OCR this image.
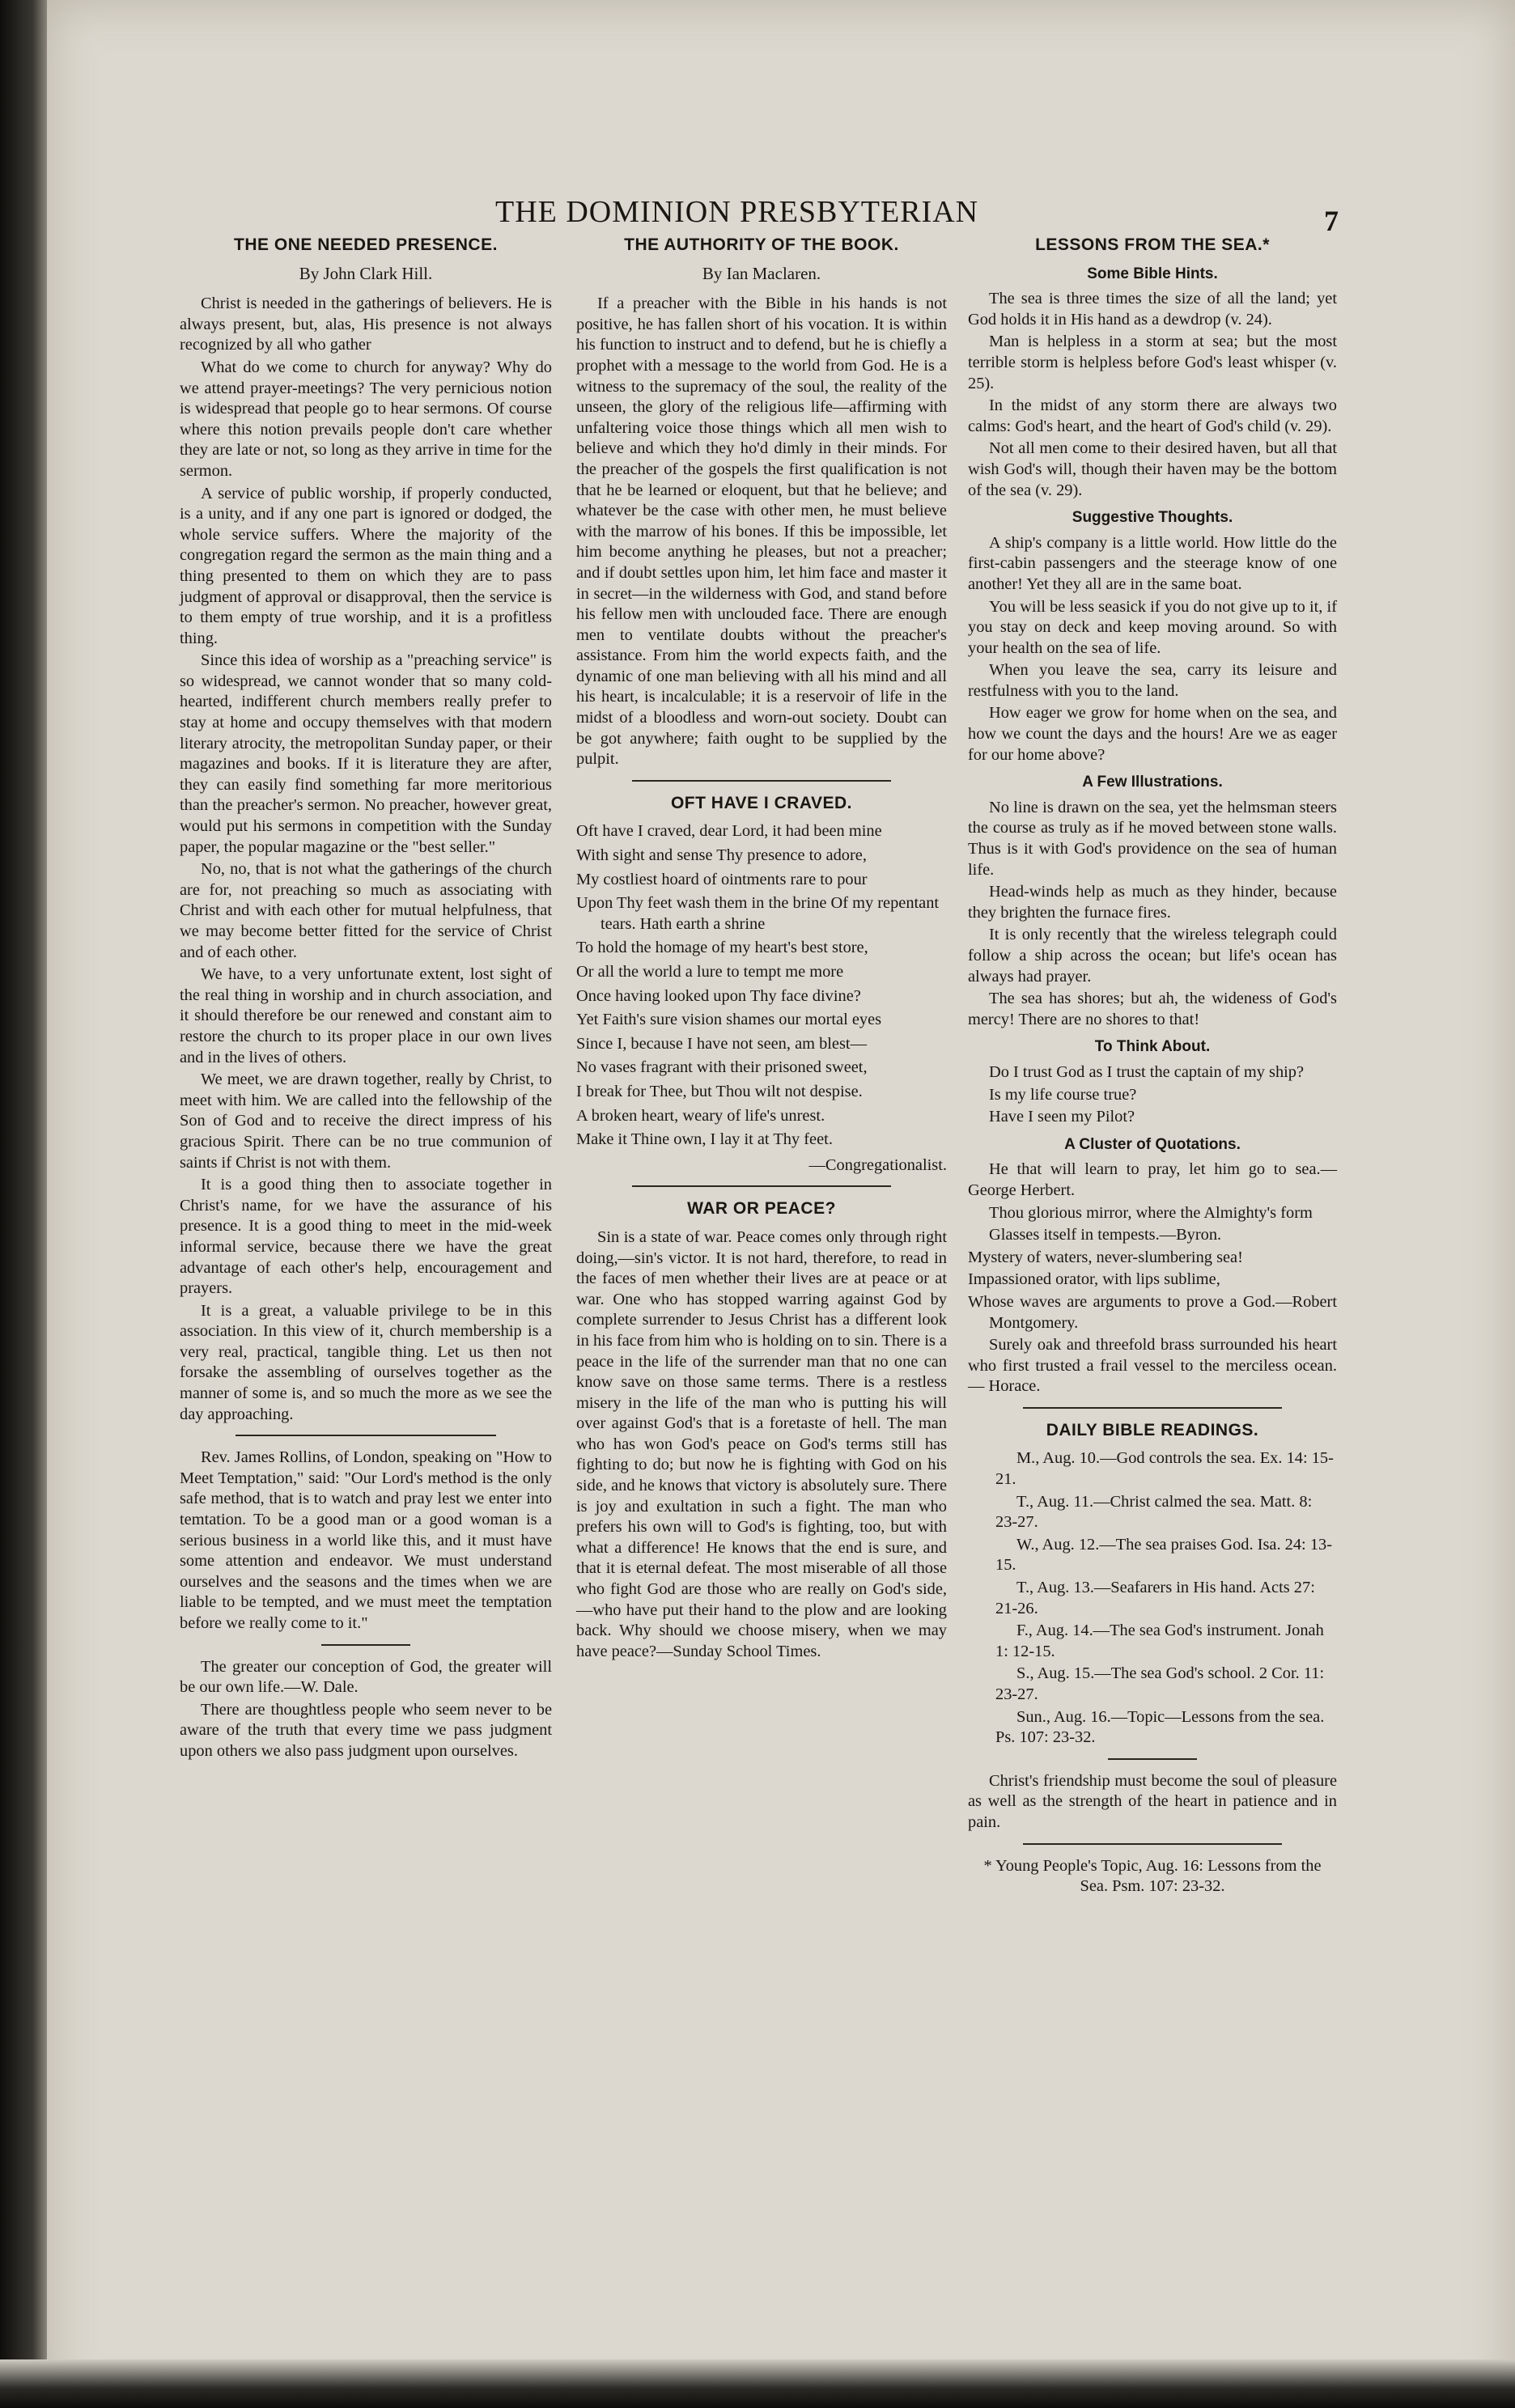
THE DOMINION PRESBYTERIAN	7
THE ONE NEEDED PRESENCE.
By John Clark Hill.

Christ is needed in the gatherings of believers. He is always present, but, alas, His presence is not always recognized by all who gather

What do we come to church for anyway? Why do we attend prayer-meetings? The very pernicious notion is widespread that people go to hear sermons. Of course where this notion prevails people don't care whether they are late or not, so long as they arrive in time for the sermon.

A service of public worship, if properly conducted, is a unity, and if any one part is ignored or dodged, the whole service suffers. Where the majority of the congregation regard the sermon as the main thing and a thing presented to them on which they are to pass judgment of approval or disapproval, then the service is to them empty of true worship, and it is a profitless thing.

Since this idea of worship as a "preaching service" is so widespread, we cannot wonder that so many cold-hearted, indifferent church members really prefer to stay at home and occupy themselves with that modern literary atrocity, the metropolitan Sunday paper, or their magazines and books. If it is literature they are after, they can easily find something far more meritorious than the preacher's sermon. No preacher, however great, would put his sermons in competition with the Sunday paper, the popular magazine or the "best seller."

No, no, that is not what the gatherings of the church are for, not preaching so much as associating with Christ and with each other for mutual helpfulness, that we may become better fitted for the service of Christ and of each other.

We have, to a very unfortunate extent, lost sight of the real thing in worship and in church association, and it should therefore be our renewed and constant aim to restore the church to its proper place in our own lives and in the lives of others.

We meet, we are drawn together, really by Christ, to meet with him. We are called into the fellowship of the Son of God and to receive the direct impress of his gracious Spirit. There can be no true communion of saints if Christ is not with them.

It is a good thing then to associate together in Christ's name, for we have the assurance of his presence. It is a good thing to meet in the mid-week informal service, because there we have the great advantage of each other's help, encouragement and prayers.

It is a great, a valuable privilege to be in this association. In this view of it, church membership is a very real, practical, tangible thing. Let us then not forsake the assembling of ourselves together as the manner of some is, and so much the more as we see the day approaching.

Rev. James Rollins, of London, speaking on "How to Meet Temptation," said: "Our Lord's method is the only safe method, that is to watch and pray lest we enter into temtation. To be a good man or a good woman is a serious business in a world like this, and it must have some attention and endeavor. We must understand ourselves and the seasons and the times when we are liable to be tempted, and we must meet the temptation before we really come to it."

The greater our conception of God, the greater will be our own life.—W. Dale.

There are thoughtless people who seem never to be aware of the truth that every time we pass judgment upon others we also pass judgment upon ourselves.

THE AUTHORITY OF THE BOOK.
By Ian Maclaren.

If a preacher with the Bible in his hands is not positive, he has fallen short of his vocation. It is within his function to instruct and to defend, but he is chiefly a prophet with a message to the world from God. He is a witness to the supremacy of the soul, the reality of the unseen, the glory of the religious life—affirming with unfaltering voice those things which all men wish to believe and which they ho'd dimly in their minds. For the preacher of the gospels the first qualification is not that he be learned or eloquent, but that he believe; and whatever be the case with other men, he must believe with the marrow of his bones. If this be impossible, let him become anything he pleases, but not a preacher; and if doubt settles upon him, let him face and master it in secret—in the wilderness with God, and stand before his fellow men with unclouded face. There are enough men to ventilate doubts without the preacher's assistance. From him the world expects faith, and the dynamic of one man believing with all his mind and all his heart, is incalculable; it is a reservoir of life in the midst of a bloodless and worn-out society. Doubt can be got anywhere; faith ought to be supplied by the pulpit.

OFT HAVE I CRAVED.

Oft have I craved, dear Lord, it had been mine

With sight and sense Thy presence to adore,

My costliest hoard of ointments rare to pour

Upon Thy feet wash them in the brine Of my repentant tears. Hath earth a shrine

To hold the homage of my heart's best store,

Or all the world a lure to tempt me more

Once having looked upon Thy face divine?

Yet Faith's sure vision shames our mortal eyes

Since I, because I have not seen, am blest—

No vases fragrant with their prisoned sweet,

I break for Thee, but Thou wilt not despise.

A broken heart, weary of life's unrest.

Make it Thine own, I lay it at Thy feet.

—Congregationalist.
WAR OR PEACE?

Sin is a state of war. Peace comes only through right doing,—sin's victor. It is not hard, therefore, to read in the faces of men whether their lives are at peace or at war. One who has stopped warring against God by complete surrender to Jesus Christ has a different look in his face from him who is holding on to sin. There is a peace in the life of the surrender man that no one can know save on those same terms. There is a restless misery in the life of the man who is putting his will over against God's that is a foretaste of hell. The man who has won God's peace on God's terms still has fighting to do; but now he is fighting with God on his side, and he knows that victory is absolutely sure. There is joy and exultation in such a fight. The man who prefers his own will to God's is fighting, too, but with what a difference! He knows that the end is sure, and that it is eternal defeat. The most miserable of all those who fight God are those who are really on God's side,—who have put their hand to the plow and are looking back. Why should we choose misery, when we may have peace?—Sunday School Times.

LESSONS FROM THE SEA.*
Some Bible Hints.

The sea is three times the size of all the land; yet God holds it in His hand as a dewdrop (v. 24).

Man is helpless in a storm at sea; but the most terrible storm is helpless before God's least whisper (v. 25).

In the midst of any storm there are always two calms: God's heart, and the heart of God's child (v. 29).

Not all men come to their desired haven, but all that wish God's will, though their haven may be the bottom of the sea (v. 29).

Suggestive Thoughts.

A ship's company is a little world. How little do the first-cabin passengers and the steerage know of one another! Yet they all are in the same boat.

You will be less seasick if you do not give up to it, if you stay on deck and keep moving around. So with your health on the sea of life.

When you leave the sea, carry its leisure and restfulness with you to the land.

How eager we grow for home when on the sea, and how we count the days and the hours! Are we as eager for our home above?

A Few Illustrations.

No line is drawn on the sea, yet the helmsman steers the course as truly as if he moved between stone walls. Thus is it with God's providence on the sea of human life.

Head-winds help as much as they hinder, because they brighten the furnace fires.

It is only recently that the wireless telegraph could follow a ship across the ocean; but life's ocean has always had prayer.

The sea has shores; but ah, the wideness of God's mercy! There are no shores to that!

To Think About.

Do I trust God as I trust the captain of my ship?

Is my life course true?

Have I seen my Pilot?

A Cluster of Quotations.

He that will learn to pray, let him go to sea.—George Herbert.

Thou glorious mirror, where the Almighty's form

Glasses itself in tempests.—Byron.

Mystery of waters, never-slumbering sea!

Impassioned orator, with lips sublime,

Whose waves are arguments to prove a God.—Robert Montgomery.

Surely oak and threefold brass surrounded his heart who first trusted a frail vessel to the merciless ocean. — Horace.

DAILY BIBLE READINGS.

M., Aug. 10.—God controls the sea. Ex. 14: 15-21.

T., Aug. 11.—Christ calmed the sea. Matt. 8: 23-27.

W., Aug. 12.—The sea praises God. Isa. 24: 13-15.

T., Aug. 13.—Seafarers in His hand. Acts 27: 21-26.

F., Aug. 14.—The sea God's instrument. Jonah 1: 12-15.

S., Aug. 15.—The sea God's school. 2 Cor. 11: 23-27.

Sun., Aug. 16.—Topic—Lessons from the sea. Ps. 107: 23-32.

Christ's friendship must become the soul of pleasure as well as the strength of the heart in patience and in pain.

* Young People's Topic, Aug. 16: Lessons from the Sea. Psm. 107: 23-32.
